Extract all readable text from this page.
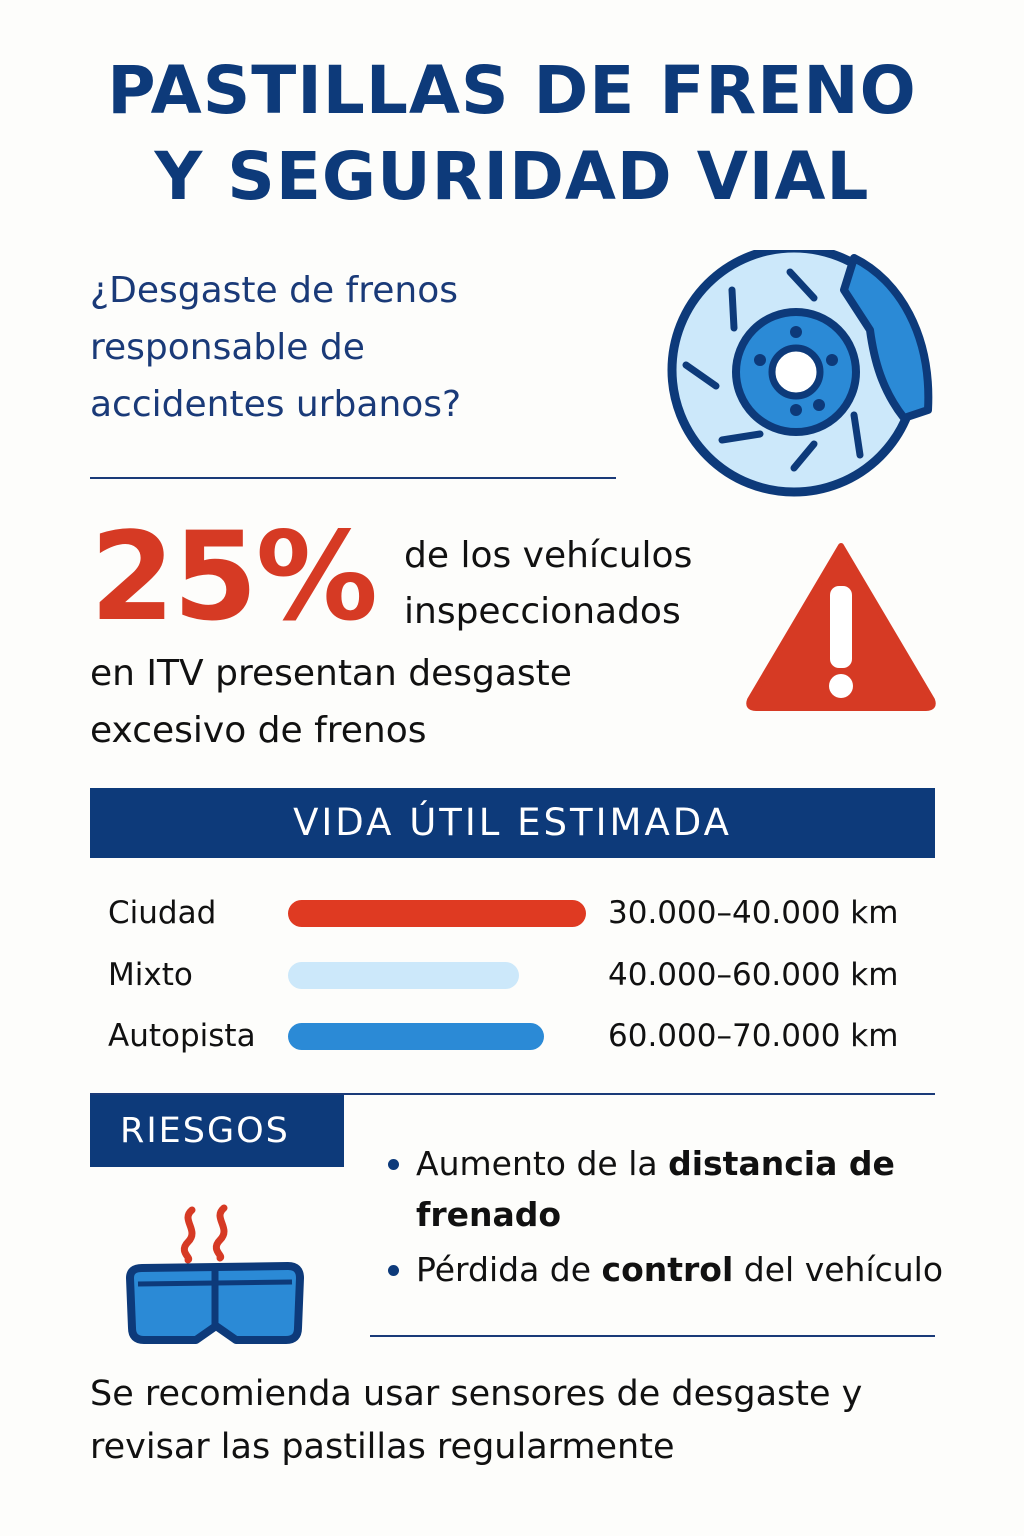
PASTILLAS DE FRENO
Y SEGURIDAD VIAL

¿Desgaste de frenos responsable de accidentes urbanos?

25% de los vehículos inspeccionados

en ITV presentan desgaste excesivo de frenos

VIDA ÚTIL ESTIMADA
Ciudad	30.000–40.000 km
Mixto	40.000–60.000 km
Autopista	60.000–70.000 km
RIESGOS
Aumento de la distancia de frenado
Pérdida de control del vehículo

Se recomienda usar sensores de desgaste y revisar las pastillas regularmente
